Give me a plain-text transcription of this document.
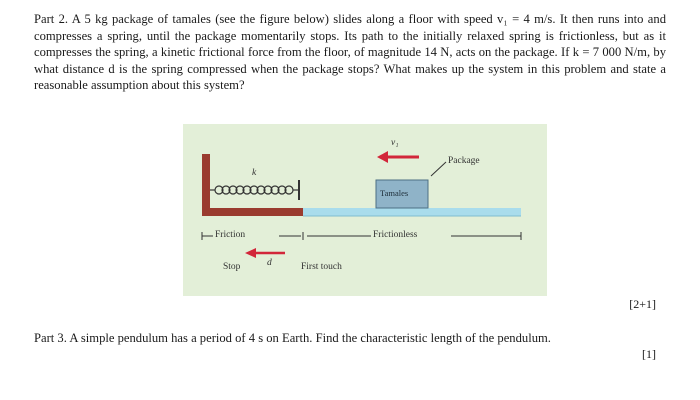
Part 2. A 5 kg package of tamales (see the figure below) slides along a floor with speed v₁ = 4 m/s. It then runs into and compresses a spring, until the package momentarily stops. Its path to the initially relaxed spring is frictionless, but as it compresses the spring, a kinetic frictional force from the floor, of magnitude 14 N, acts on the package. If k = 7 000 N/m, by what distance d is the spring compressed when the package stops? What makes up the system in this problem and state a reasonable assumption about this system?
v₁
Package
Tamales
k
Friction	Frictionless
Stop	d	First touch
[2+1]
Part 3. A simple pendulum has a period of 4 s on Earth. Find the characteristic length of the pendulum.
[1]
